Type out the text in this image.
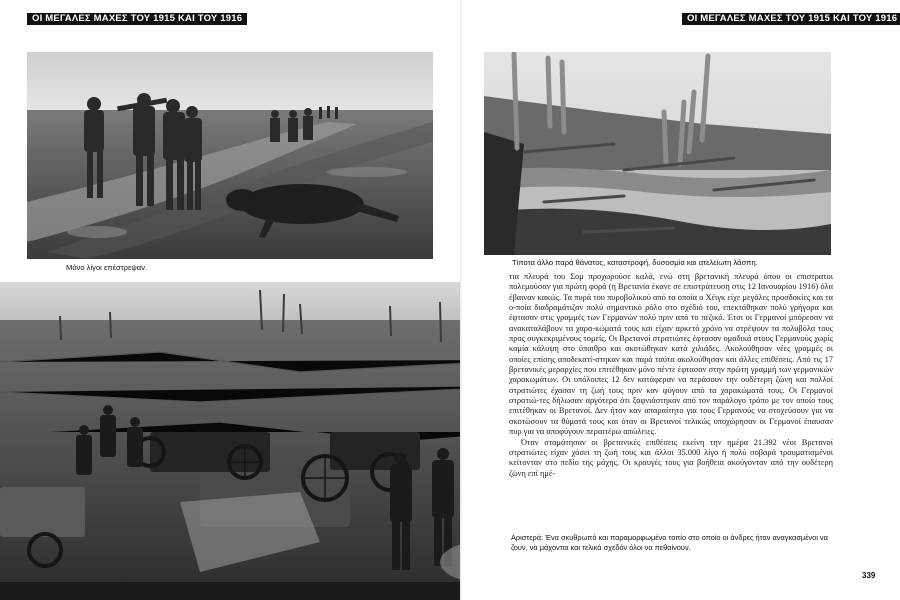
ΟΙ ΜΕΓΑΛΕΣ ΜΑΧΕΣ ΤΟΥ 1915 ΚΑΙ ΤΟΥ 1916
Μόνο λίγοι επέστρεψαν.
ΟΙ ΜΕΓΑΛΕΣ ΜΑΧΕΣ ΤΟΥ 1915 ΚΑΙ ΤΟΥ 1916
Τίποτα άλλο παρά θάνατος, καταστροφή, δυσοσμία και ατελείωτη λάσπη.

τια πλευρά του Σομ προχωρούσε καλά, ενώ στη βρετανική πλευρά όπου οι επιστρατοι πολεμούσαν για πρώτη φορά (η Βρετανία έκανε σε επιστράτευση στις 12 Ιανουαρίου 1916) όλα έβαιναν κακώς. Τα πυρά του πυροβολικού από τα οποία ο Χέιγκ είχε μεγάλες προσδοκίες και τα ο-ποία διαδραμάτιζαν πολύ σημαντικό ρόλο στο σχέδιό του, επεκτάθηκαν πολύ γρήγορα και έφτασαν στις γραμμές των Γερμανών πολύ πριν από το πεζικό. Έτσι οι Γερμανοί μπόρεσαν να ανακαταλάβουν τα χαρα-κώματά τους και είχαν αρκετό χρόνο να στρέψουν τα πολυβόλα τους προς συγκεκριμένους τομείς. Οι Βρετανοί στρατιώτες έφτασαν ομαδικά στους Γερμανούς χωρίς καμία κάλυψη στο ύπαιθρο και σκοτώθηκαν κατά χιλιάδες. Ακολούθησαν νέες γραμμές οι οποίες επίσης αποδεκατί-στηκαν και παρά ταύτα ακολούθησαν και άλλες επιθέσεις. Από τις 17 βρετανικές μεραρχίες που επιτέθηκαν μόνο πέντε έφτασαν στην πρώτη γραμμή των γερμανικών χαρακωμάτων. Οι υπόλοιπες 12 δεν κατάφεραν να περάσουν την ουδέτερη ζώνη και πολλοί στρατιώτες έχασαν τη ζωή τους πριν καν φύγουν από τα χαρακώματά τους. Οι Γερμανοί στρατιώ-τες δήλωσαν αργότερα ότι ξαφνιάστηκαν από τον παράλογο τρόπο με τον οποίο τους επιτέθηκαν οι Βρετανοί. Δεν ήταν καν απαραίτητο για τους Γερμανούς να στοχεύσουν για να σκοτώσουν τα θύματά τους και όταν οι Βρετανοί τελικώς υποχώρησαν οι Γερμανοί έπαυσαν πυρ για να αποφύγουν περαιτέρω απώλειες.

Όταν σταμάτησαν οι βρετανικές επιθέσεις εκείνη την ημέρα 21.392 νέοι Βρετανοί στρατιώτες είχαν χάσει τη ζωή τους και άλλοι 35.000 λίγο ή πολύ σοβαρά τραυματισμένοι κείτονταν στο πεδίο της μάχης. Οι κραυγές τους για βοήθεια ακούγονταν από την ουδέτερη ζώνη επί ημέ-

Αριστερά: Ένα σκυθρωπό και παραμορφωμένο τοπίο στο οποίο οι άνδρες ήταν αναγκασμένοι να ζουν, να μάχονται και τελικά σχεδόν όλοι να πεθαίνουν.
339
